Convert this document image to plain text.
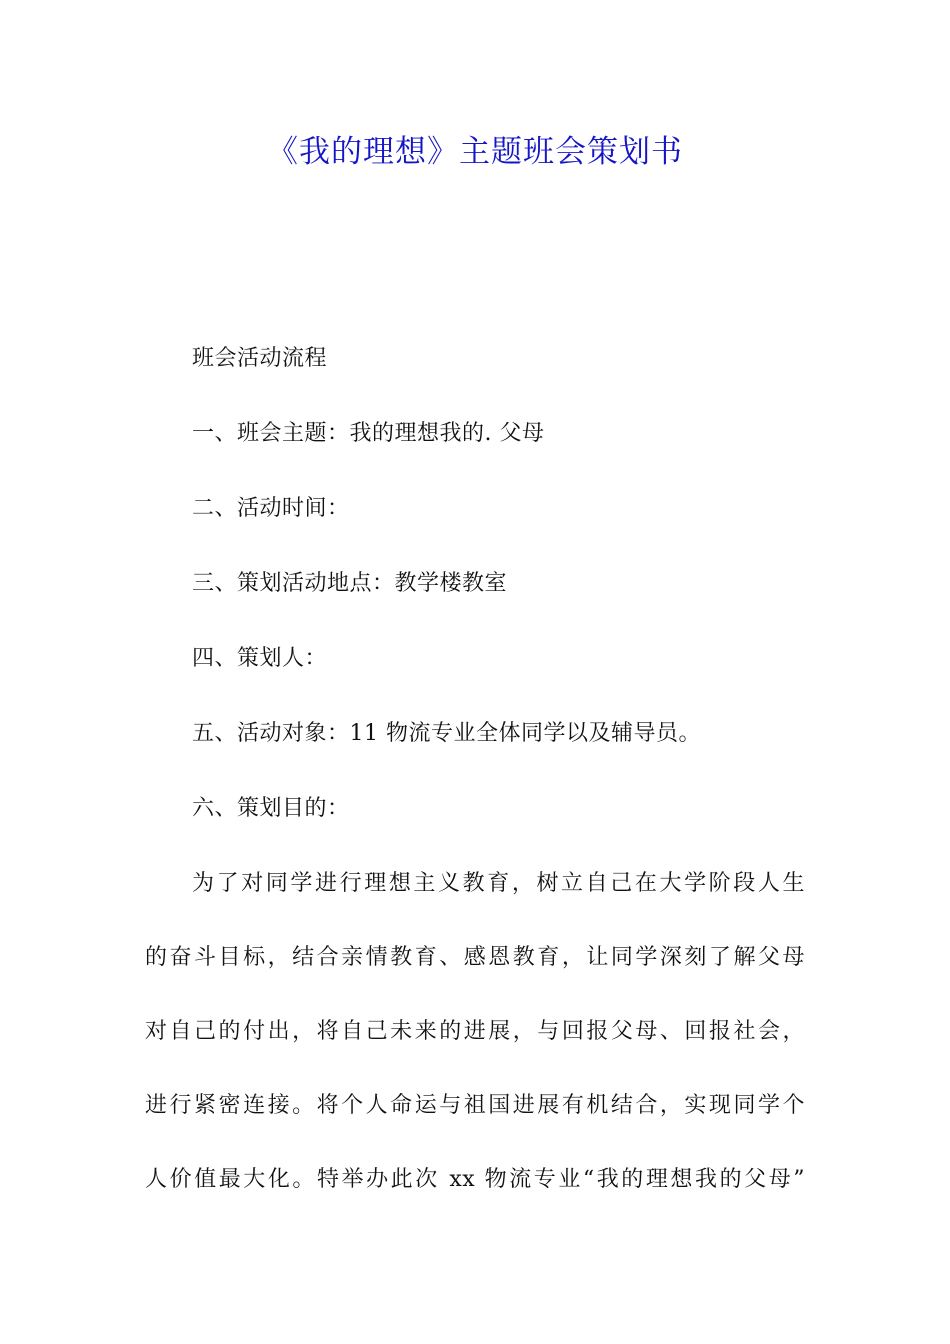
《我的理想》主题班会策划书
班会活动流程
一、班会主题：我的理想我的. 父母
二、活动时间：
三、策划活动地点：教学楼教室
四、策划人：
五、活动对象：11 物流专业全体同学以及辅导员。
六、策划目的：
为了对同学进行理想主义教育，树立自己在大学阶段人生
的奋斗目标，结合亲情教育、感恩教育，让同学深刻了解父母
对自己的付出，将自己未来的进展，与回报父母、回报社会，
进行紧密连接。将个人命运与祖国进展有机结合，实现同学个
人价值最大化。特举办此次 xx 物流专业“我的理想我的父母”
